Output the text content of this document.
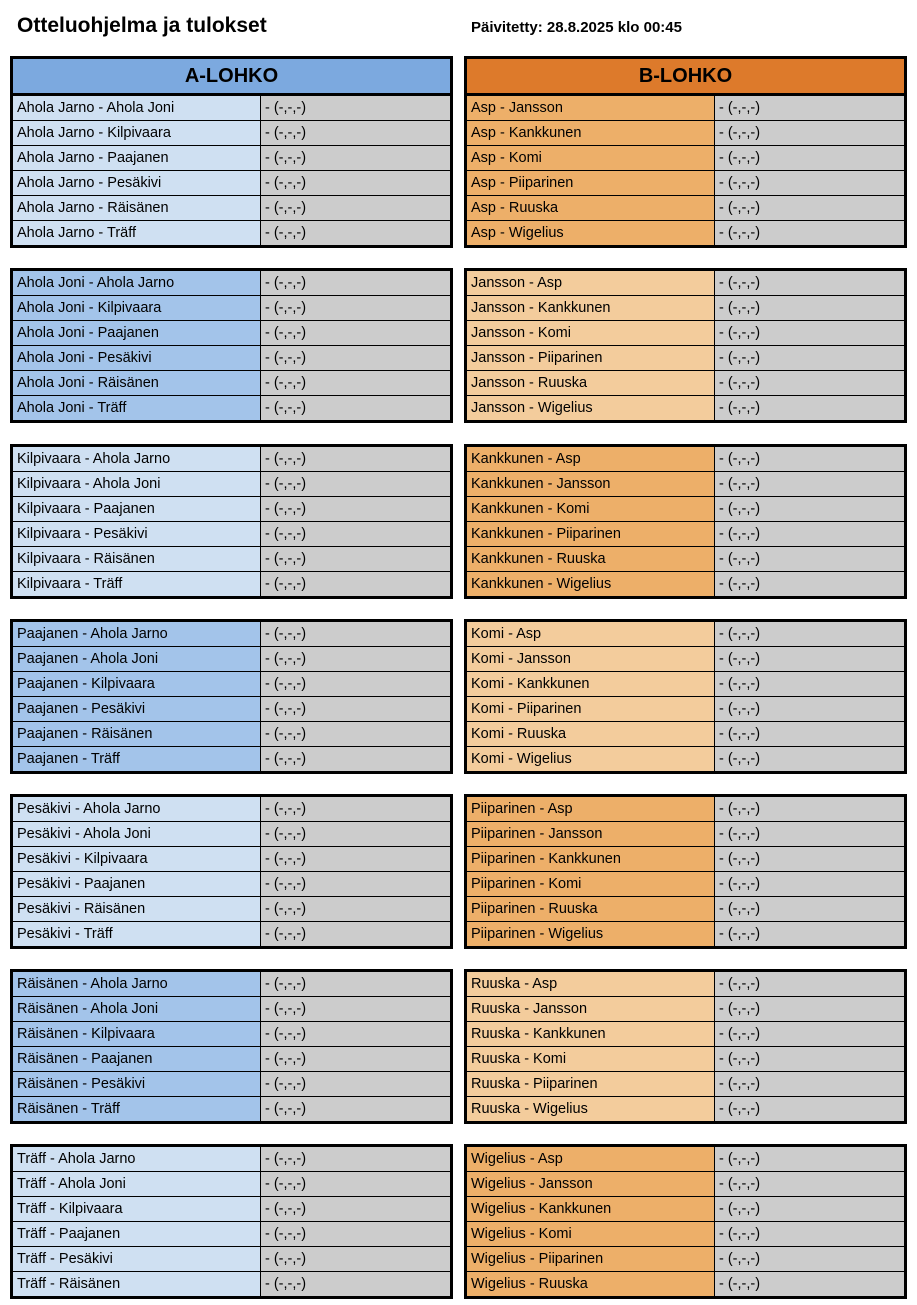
Otteluohjelma ja tulokset	Päivitetty: 28.8.2025 klo 00:45
A-LOHKO
Ahola Jarno - Ahola Joni	- (-,-,-)
Ahola Jarno - Kilpivaara	- (-,-,-)
Ahola Jarno - Paajanen	- (-,-,-)
Ahola Jarno - Pesäkivi	- (-,-,-)
Ahola Jarno - Räisänen	- (-,-,-)
Ahola Jarno - Träff	- (-,-,-)
Ahola Joni - Ahola Jarno	- (-,-,-)
Ahola Joni - Kilpivaara	- (-,-,-)
Ahola Joni - Paajanen	- (-,-,-)
Ahola Joni - Pesäkivi	- (-,-,-)
Ahola Joni - Räisänen	- (-,-,-)
Ahola Joni - Träff	- (-,-,-)
Kilpivaara - Ahola Jarno	- (-,-,-)
Kilpivaara - Ahola Joni	- (-,-,-)
Kilpivaara - Paajanen	- (-,-,-)
Kilpivaara - Pesäkivi	- (-,-,-)
Kilpivaara - Räisänen	- (-,-,-)
Kilpivaara - Träff	- (-,-,-)
Paajanen - Ahola Jarno	- (-,-,-)
Paajanen - Ahola Joni	- (-,-,-)
Paajanen - Kilpivaara	- (-,-,-)
Paajanen - Pesäkivi	- (-,-,-)
Paajanen - Räisänen	- (-,-,-)
Paajanen - Träff	- (-,-,-)
Pesäkivi - Ahola Jarno	- (-,-,-)
Pesäkivi - Ahola Joni	- (-,-,-)
Pesäkivi - Kilpivaara	- (-,-,-)
Pesäkivi - Paajanen	- (-,-,-)
Pesäkivi - Räisänen	- (-,-,-)
Pesäkivi - Träff	- (-,-,-)
Räisänen - Ahola Jarno	- (-,-,-)
Räisänen - Ahola Joni	- (-,-,-)
Räisänen - Kilpivaara	- (-,-,-)
Räisänen - Paajanen	- (-,-,-)
Räisänen - Pesäkivi	- (-,-,-)
Räisänen - Träff	- (-,-,-)
Träff - Ahola Jarno	- (-,-,-)
Träff - Ahola Joni	- (-,-,-)
Träff - Kilpivaara	- (-,-,-)
Träff - Paajanen	- (-,-,-)
Träff - Pesäkivi	- (-,-,-)
Träff - Räisänen	- (-,-,-)
B-LOHKO
Asp - Jansson	- (-,-,-)
Asp - Kankkunen	- (-,-,-)
Asp - Komi	- (-,-,-)
Asp - Piiparinen	- (-,-,-)
Asp - Ruuska	- (-,-,-)
Asp - Wigelius	- (-,-,-)
Jansson - Asp	- (-,-,-)
Jansson - Kankkunen	- (-,-,-)
Jansson - Komi	- (-,-,-)
Jansson - Piiparinen	- (-,-,-)
Jansson - Ruuska	- (-,-,-)
Jansson - Wigelius	- (-,-,-)
Kankkunen - Asp	- (-,-,-)
Kankkunen - Jansson	- (-,-,-)
Kankkunen - Komi	- (-,-,-)
Kankkunen - Piiparinen	- (-,-,-)
Kankkunen - Ruuska	- (-,-,-)
Kankkunen - Wigelius	- (-,-,-)
Komi - Asp	- (-,-,-)
Komi - Jansson	- (-,-,-)
Komi - Kankkunen	- (-,-,-)
Komi - Piiparinen	- (-,-,-)
Komi - Ruuska	- (-,-,-)
Komi - Wigelius	- (-,-,-)
Piiparinen - Asp	- (-,-,-)
Piiparinen - Jansson	- (-,-,-)
Piiparinen - Kankkunen	- (-,-,-)
Piiparinen - Komi	- (-,-,-)
Piiparinen - Ruuska	- (-,-,-)
Piiparinen - Wigelius	- (-,-,-)
Ruuska - Asp	- (-,-,-)
Ruuska - Jansson	- (-,-,-)
Ruuska - Kankkunen	- (-,-,-)
Ruuska - Komi	- (-,-,-)
Ruuska - Piiparinen	- (-,-,-)
Ruuska - Wigelius	- (-,-,-)
Wigelius - Asp	- (-,-,-)
Wigelius - Jansson	- (-,-,-)
Wigelius - Kankkunen	- (-,-,-)
Wigelius - Komi	- (-,-,-)
Wigelius - Piiparinen	- (-,-,-)
Wigelius - Ruuska	- (-,-,-)
